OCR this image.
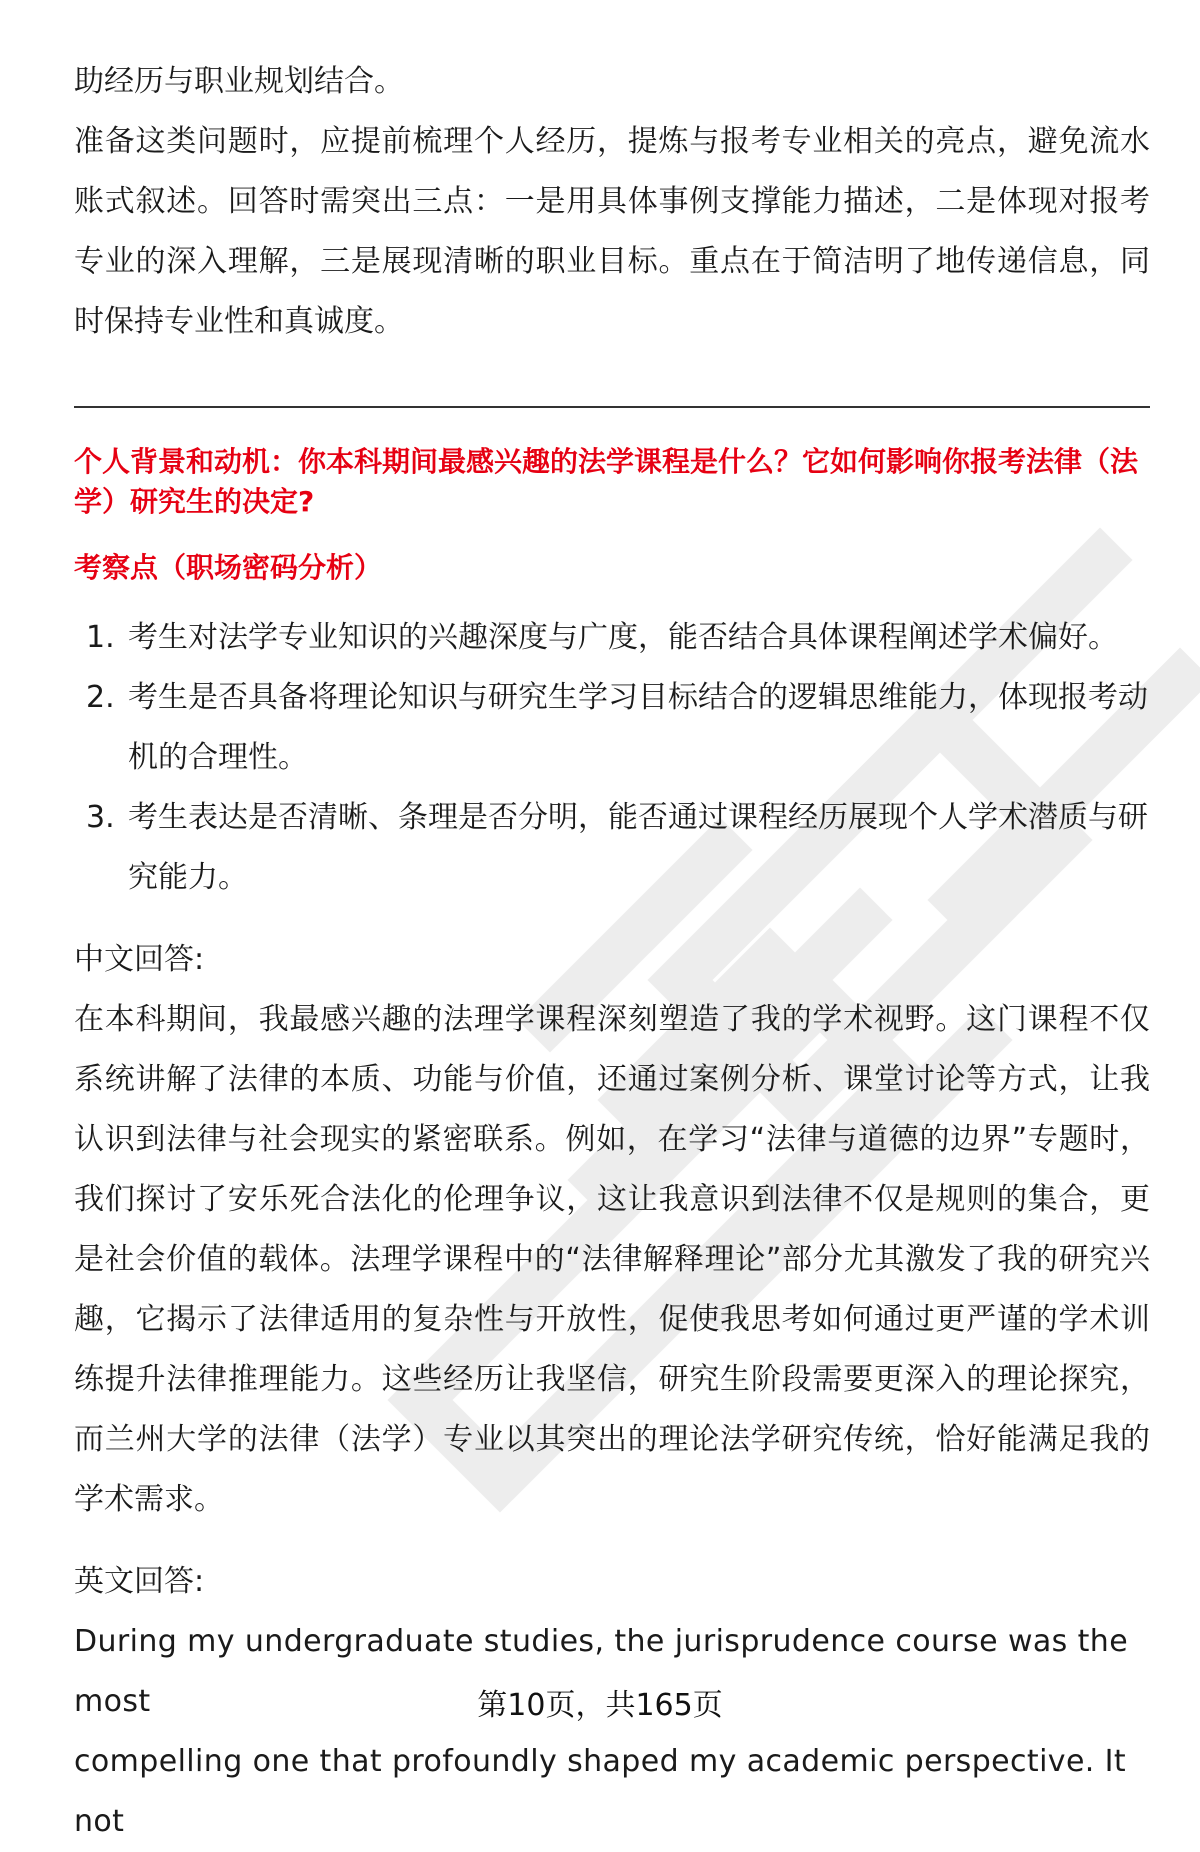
助经历与职业规划结合。

准备这类问题时，应提前梳理个人经历，提炼与报考专业相关的亮点，避免流水账式叙述。回答时需突出三点：一是用具体事例支撑能力描述，二是体现对报考专业的深入理解，三是展现清晰的职业目标。重点在于简洁明了地传递信息，同时保持专业性和真诚度。

个人背景和动机：你本科期间最感兴趣的法学课程是什么？它如何影响你报考法律（法学）研究生的决定?

考察点（职场密码分析）

1. 考生对法学专业知识的兴趣深度与广度，能否结合具体课程阐述学术偏好。
2. 考生是否具备将理论知识与研究生学习目标结合的逻辑思维能力，体现报考动机的合理性。
3. 考生表达是否清晰、条理是否分明，能否通过课程经历展现个人学术潜质与研究能力。

中文回答:

在本科期间，我最感兴趣的法理学课程深刻塑造了我的学术视野。这门课程不仅系统讲解了法律的本质、功能与价值，还通过案例分析、课堂讨论等方式，让我认识到法律与社会现实的紧密联系。例如，在学习“法律与道德的边界”专题时，我们探讨了安乐死合法化的伦理争议，这让我意识到法律不仅是规则的集合，更是社会价值的载体。法理学课程中的“法律解释理论”部分尤其激发了我的研究兴趣，它揭示了法律适用的复杂性与开放性，促使我思考如何通过更严谨的学术训练提升法律推理能力。这些经历让我坚信，研究生阶段需要更深入的理论探究，而兰州大学的法律（法学）专业以其突出的理论法学研究传统，恰好能满足我的学术需求。

英文回答:

During my undergraduate studies, the jurisprudence course was the most

compelling one that profoundly shaped my academic perspective. It not

第10页，共165页
